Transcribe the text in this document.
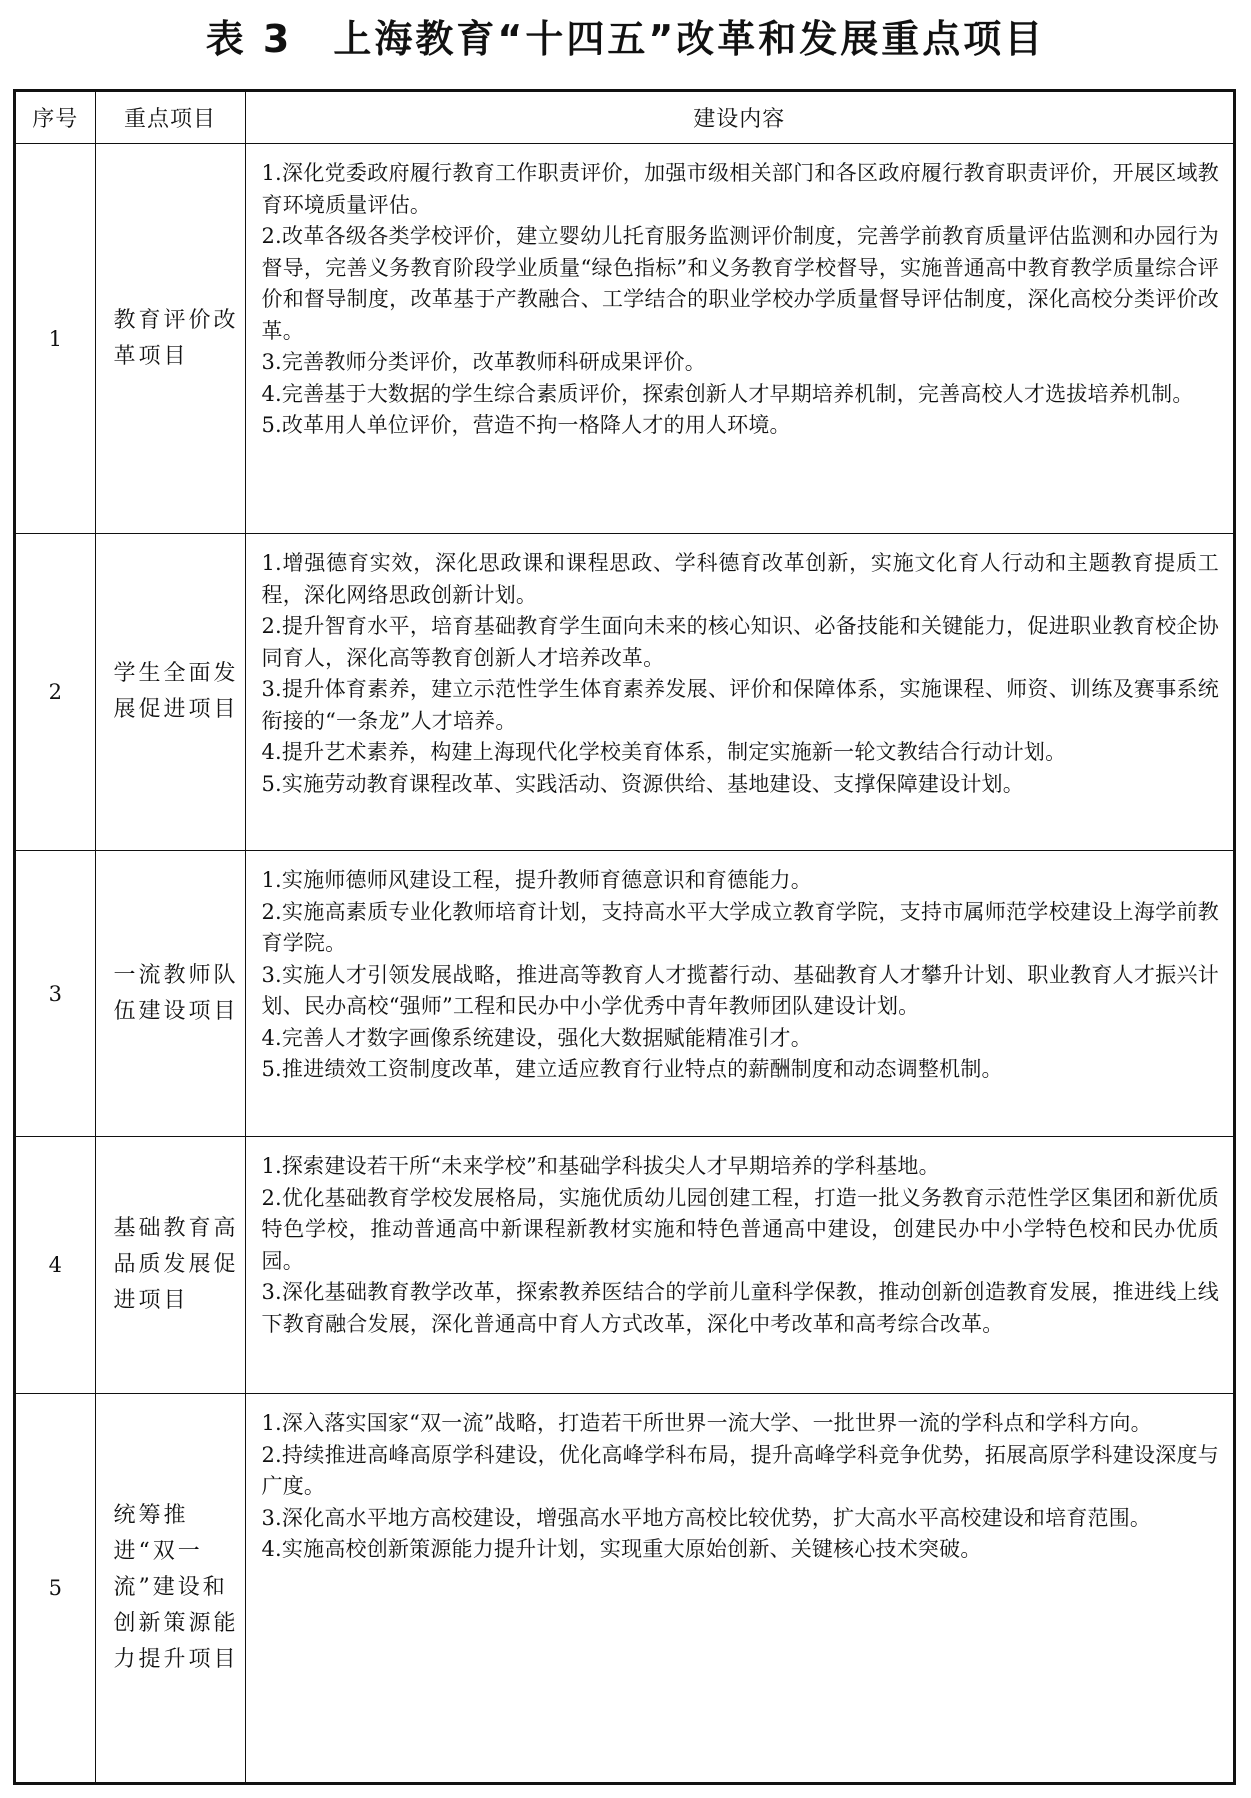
表 3　上海教育“十四五”改革和发展重点项目
序号	重点项目	建设内容
1	教育评价改革项目	1.深化党委政府履行教育工作职责评价，加强市级相关部门和各区政府履行教育职责评价，开展区域教育环境质量评估。
2.改革各级各类学校评价，建立婴幼儿托育服务监测评价制度，完善学前教育质量评估监测和办园行为督导，完善义务教育阶段学业质量“绿色指标”和义务教育学校督导，实施普通高中教育教学质量综合评价和督导制度，改革基于产教融合、工学结合的职业学校办学质量督导评估制度，深化高校分类评价改革。
3.完善教师分类评价，改革教师科研成果评价。
4.完善基于大数据的学生综合素质评价，探索创新人才早期培养机制，完善高校人才选拔培养机制。
5.改革用人单位评价，营造不拘一格降人才的用人环境。

2	学生全面发展促进项目	1.增强德育实效，深化思政课和课程思政、学科德育改革创新，实施文化育人行动和主题教育提质工程，深化网络思政创新计划。
2.提升智育水平，培育基础教育学生面向未来的核心知识、必备技能和关键能力，促进职业教育校企协同育人，深化高等教育创新人才培养改革。
3.提升体育素养，建立示范性学生体育素养发展、评价和保障体系，实施课程、师资、训练及赛事系统衔接的“一条龙”人才培养。
4.提升艺术素养，构建上海现代化学校美育体系，制定实施新一轮文教结合行动计划。
5.实施劳动教育课程改革、实践活动、资源供给、基地建设、支撑保障建设计划。

3	一流教师队伍建设项目	1.实施师德师风建设工程，提升教师育德意识和育德能力。
2.实施高素质专业化教师培育计划，支持高水平大学成立教育学院，支持市属师范学校建设上海学前教育学院。
3.实施人才引领发展战略，推进高等教育人才揽蓄行动、基础教育人才攀升计划、职业教育人才振兴计划、民办高校“强师”工程和民办中小学优秀中青年教师团队建设计划。
4.完善人才数字画像系统建设，强化大数据赋能精准引才。
5.推进绩效工资制度改革，建立适应教育行业特点的薪酬制度和动态调整机制。

4	基础教育高品质发展促进项目	1.探索建设若干所“未来学校”和基础学科拔尖人才早期培养的学科基地。
2.优化基础教育学校发展格局，实施优质幼儿园创建工程，打造一批义务教育示范性学区集团和新优质特色学校，推动普通高中新课程新教材实施和特色普通高中建设，创建民办中小学特色校和民办优质园。
3.深化基础教育教学改革，探索教养医结合的学前儿童科学保教，推动创新创造教育发展，推进线上线下教育融合发展，深化普通高中育人方式改革，深化中考改革和高考综合改革。

5	统筹推进“双一流”建设和创新策源能力提升项目	1.深入落实国家“双一流”战略，打造若干所世界一流大学、一批世界一流的学科点和学科方向。
2.持续推进高峰高原学科建设，优化高峰学科布局，提升高峰学科竞争优势，拓展高原学科建设深度与广度。
3.深化高水平地方高校建设，增强高水平地方高校比较优势，扩大高水平高校建设和培育范围。
4.实施高校创新策源能力提升计划，实现重大原始创新、关键核心技术突破。
